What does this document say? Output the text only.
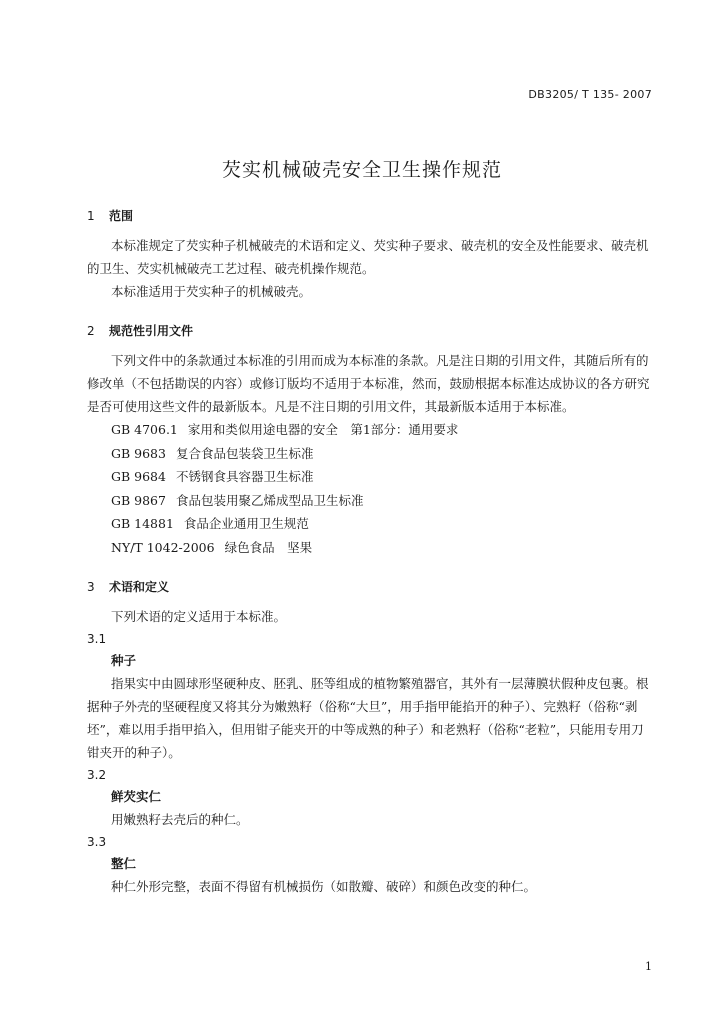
DB3205/ T 135- 2007
芡实机械破壳安全卫生操作规范
1 范围

本标准规定了芡实种子机械破壳的术语和定义、芡实种子要求、破壳机的安全及性能要求、破壳机

的卫生、芡实机械破壳工艺过程、破壳机操作规范。

本标准适用于芡实种子的机械破壳。

2 规范性引用文件

下列文件中的条款通过本标准的引用而成为本标准的条款。凡是注日期的引用文件，其随后所有的

修改单（不包括勘误的内容）或修订版均不适用于本标准，然而，鼓励根据本标准达成协议的各方研究

是否可使用这些文件的最新版本。凡是不注日期的引用文件，其最新版本适用于本标准。

GB 4706.1 家用和类似用途电器的安全　第1部分：通用要求

GB 9683 复合食品包装袋卫生标准

GB 9684 不锈钢食具容器卫生标准

GB 9867 食品包装用聚乙烯成型品卫生标准

GB 14881 食品企业通用卫生规范

NY/T 1042-2006 绿色食品　坚果

3 术语和定义

下列术语的定义适用于本标准。

3.1

种子

指果实中由圆球形坚硬种皮、胚乳、胚等组成的植物繁殖器官，其外有一层薄膜状假种皮包裹。根

据种子外壳的坚硬程度又将其分为嫩熟籽（俗称“大旦”，用手指甲能掐开的种子）、完熟籽（俗称“剥

坯”，难以用手指甲掐入，但用钳子能夹开的中等成熟的种子）和老熟籽（俗称“老粒”，只能用专用刀

钳夹开的种子）。

3.2

鲜芡实仁

用嫩熟籽去壳后的种仁。

3.3

整仁

种仁外形完整，表面不得留有机械损伤（如散瓣、破碎）和颜色改变的种仁。

1
